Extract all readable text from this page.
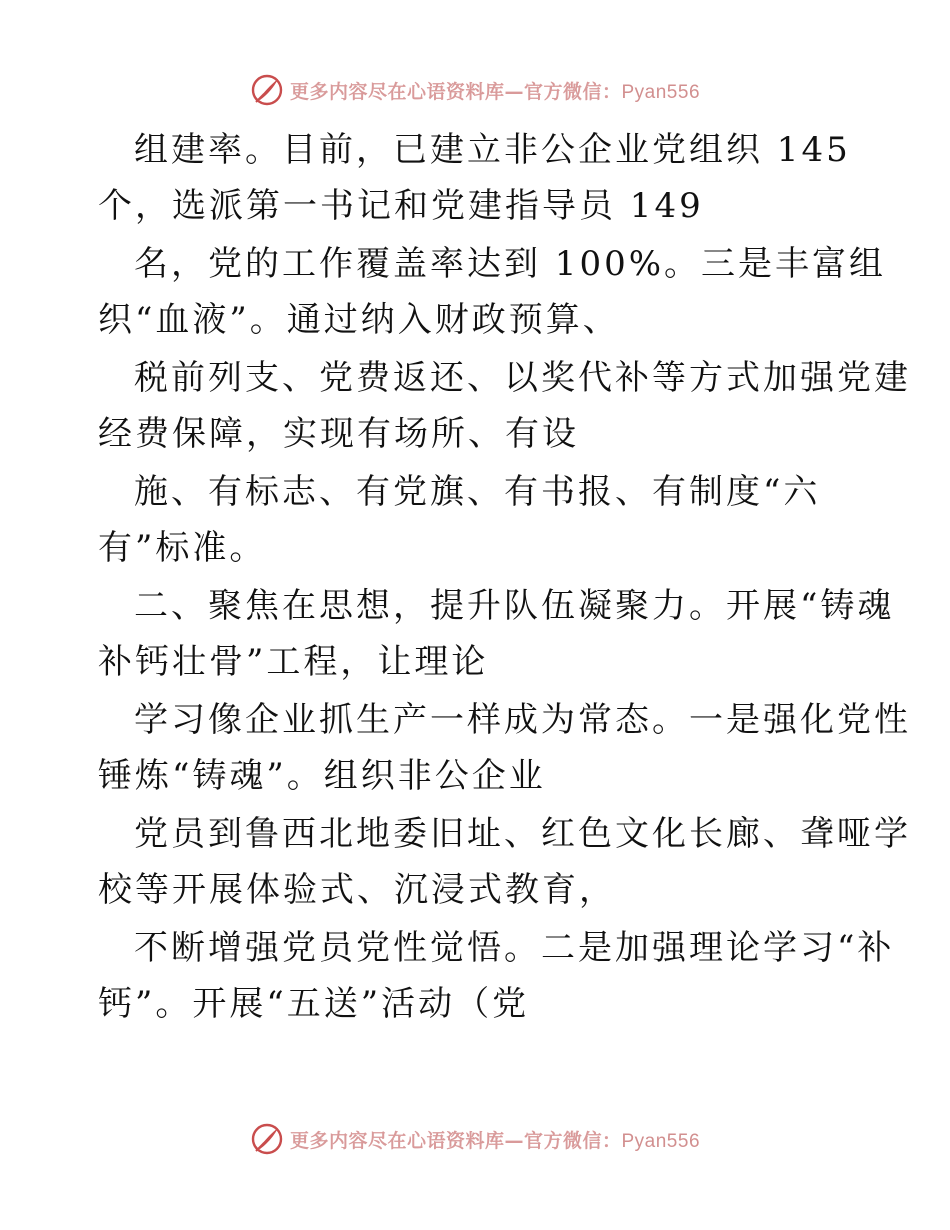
更多内容尽在心语资料库—官方微信：Pyan556
组建率。目前，已建立非公企业党组织 145
个，选派第一书记和党建指导员 149
名，党的工作覆盖率达到 100%。三是丰富组
织“血液”。通过纳入财政预算、
税前列支、党费返还、以奖代补等方式加强党建
经费保障，实现有场所、有设
施、有标志、有党旗、有书报、有制度“六
有”标准。
二、聚焦在思想，提升队伍凝聚力。开展“铸魂
补钙壮骨”工程，让理论
学习像企业抓生产一样成为常态。一是强化党性
锤炼“铸魂”。组织非公企业
党员到鲁西北地委旧址、红色文化长廊、聋哑学
校等开展体验式、沉浸式教育，
不断增强党员党性觉悟。二是加强理论学习“补
钙”。开展“五送”活动（党
更多内容尽在心语资料库—官方微信：Pyan556
